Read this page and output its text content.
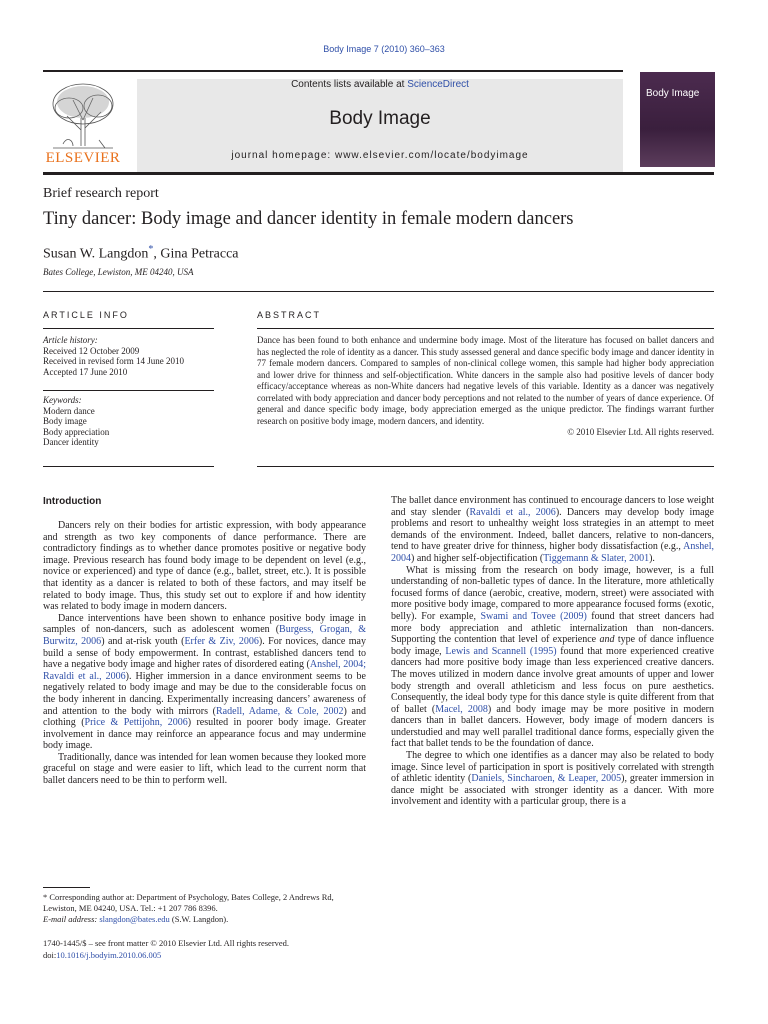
Body Image 7 (2010) 360–363
ELSEVIER
Contents lists available at ScienceDirect
Body Image
journal homepage: www.elsevier.com/locate/bodyimage
Body Image
Brief research report
Tiny dancer: Body image and dancer identity in female modern dancers
Susan W. Langdon*, Gina Petracca
Bates College, Lewiston, ME 04240, USA
ARTICLE INFO	ABSTRACT
Article history:
Received 12 October 2009
Received in revised form 14 June 2010
Accepted 17 June 2010
Keywords:
Modern dance
Body image
Body appreciation
Dancer identity
Dance has been found to both enhance and undermine body image. Most of the literature has focused on ballet dancers and has neglected the role of identity as a dancer. This study assessed general and dance specific body image and dancer identity in 77 female modern dancers. Compared to samples of non-clinical college women, this sample had higher body appreciation and lower drive for thinness and self-objectification. White dancers in the sample also had positive levels of dancer body efficacy/acceptance whereas as non-White dancers had negative levels of this variable. Identity as a dancer was negatively correlated with body appreciation and dancer body perceptions and not related to the number of years of dance experience. Of general and dance specific body image, body appreciation emerged as the unique predictor. The findings warrant further research on positive body image, modern dancers, and identity.
© 2010 Elsevier Ltd. All rights reserved.
Introduction

Dancers rely on their bodies for artistic expression, with body appearance and strength as two key components of dance performance. There are contradictory findings as to whether dance promotes positive or negative body image. Previous research has found body image to be dependent on level (e.g., novice or experienced) and type of dance (e.g., ballet, street, etc.). It is possible that identity as a dancer is related to both of these factors, and may itself be related to body image. Thus, this study set out to explore if and how identity was related to body image in modern dancers.

Dance interventions have been shown to enhance positive body image in samples of non-dancers, such as adolescent women (Burgess, Grogan, & Burwitz, 2006) and at-risk youth (Erfer & Ziv, 2006). For novices, dance may build a sense of body empowerment. In contrast, established dancers tend to have a negative body image and higher rates of disordered eating (Anshel, 2004; Ravaldi et al., 2006). Higher immersion in a dance environment seems to be negatively related to body image and may be due to the considerable focus on the body inherent in dancing. Experimentally increasing dancers’ awareness of and attention to the body with mirrors (Radell, Adame, & Cole, 2002) and clothing (Price & Pettijohn, 2006) resulted in poorer body image. Greater involvement in dance may reinforce an appearance focus and may undermine body image.

Traditionally, dance was intended for lean women because they looked more graceful on stage and were easier to lift, which lead to the current norm that ballet dancers need to be thin to perform well.

The ballet dance environment has continued to encourage dancers to lose weight and stay slender (Ravaldi et al., 2006). Dancers may develop body image problems and resort to unhealthy weight loss strategies in an attempt to meet demands of the environment. Indeed, ballet dancers, relative to non-dancers, tend to have greater drive for thinness, higher body dissatisfaction (e.g., Anshel, 2004) and higher self-objectification (Tiggemann & Slater, 2001).

What is missing from the research on body image, however, is a full understanding of non-balletic types of dance. In the literature, more athletically focused forms of dance (aerobic, creative, modern, street) were associated with more positive body image, compared to more appearance focused forms (exotic, belly). For example, Swami and Tovee (2009) found that street dancers had more body appreciation and athletic internalization than non-dancers. Supporting the contention that level of experience and type of dance influence body image, Lewis and Scannell (1995) found that more experienced creative dancers had more positive body image than less experienced creative dancers. The moves utilized in modern dance involve great amounts of upper and lower body strength and overall athleticism and less focus on pure aesthetics. Consequently, the ideal body type for this dance style is quite different from that of ballet (Macel, 2008) and body image may be more positive in modern dancers than in ballet dancers. However, body image of modern dancers is understudied and may well parallel traditional dance forms, especially given the fact that ballet tends to be the foundation of dance.

The degree to which one identifies as a dancer may also be related to body image. Since level of participation in sport is positively correlated with strength of athletic identity (Daniels, Sincharoen, & Leaper, 2005), greater immersion in dance might be associated with stronger identity as a dancer. With more involvement and identity with a particular group, there is a

* Corresponding author at: Department of Psychology, Bates College, 2 Andrews Rd, Lewiston, ME 04240, USA. Tel.: +1 207 786 8396.
E-mail address: slangdon@bates.edu (S.W. Langdon).
1740-1445/$ – see front matter © 2010 Elsevier Ltd. All rights reserved.
doi:10.1016/j.bodyim.2010.06.005
